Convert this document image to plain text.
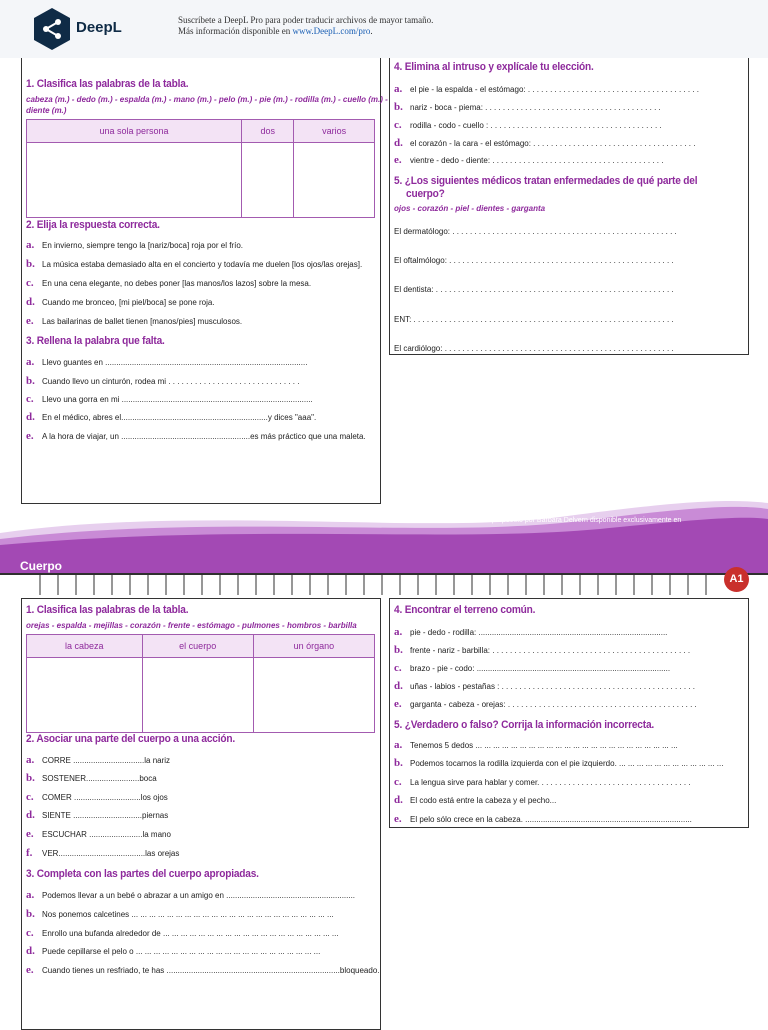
DeepL	Suscríbete a DeepL Pro para poder traducir archivos de mayor tamaño.
Más información disponible en www.DeepL.com/pro.
1. Clasifica las palabras de la tabla.
cabeza (m.) - dedo (m.) - espalda (m.) - mano (m.) - pelo (m.) - pie (m.) - rodilla (m.) - cuello (m.) -
diente (m.)
una sola persona	dos	varios

2. Elija la respuesta correcta.
a. En invierno, siempre tengo la [nariz/boca] roja por el frío.
b. La música estaba demasiado alta en el concierto y todavía me duelen [los ojos/las orejas].
c. En una cena elegante, no debes poner [las manos/los lazos] sobre la mesa.
d. Cuando me bronceo, [mi piel/boca] se pone roja.
e. Las bailarinas de ballet tienen [manos/pies] musculosos.
3. Rellena la palabra que falta.
a. Llevo guantes en ...........................................................................................
b. Cuando llevo un cinturón, rodea mi . . . . . . . . . . . . . . . . . . . . . . . . . . . . . .
c. Llevo una gorra en mi ......................................................................................
d. En el médico, abres el..................................................................y dices "aaa".
e. A la hora de viajar, un ..........................................................es más práctico que una maleta.
4. Elimina al intruso y explícale tu elección.
a. el pie - la espalda - el estómago: . . . . . . . . . . . . . . . . . . . . . . . . . . . . . . . . . . . . . . .
b. nariz - boca - piema: . . . . . . . . . . . . . . . . . . . . . . . . . . . . . . . . . . . . . . . .
c. rodilla - codo - cuello : . . . . . . . . . . . . . . . . . . . . . . . . . . . . . . . . . . . . . . .
d. el corazón - la cara - el estómago: . . . . . . . . . . . . . . . . . . . . . . . . . . . . . . . . . . . . .
e. vientre - dedo - diente: . . . . . . . . . . . . . . . . . . . . . . . . . . . . . . . . . . . . . . .
5. ¿Los siguientes médicos tratan enfermedades de qué parte del
cuerpo?
ojos - corazón - piel - dientes - garganta
El dermatólogo: . . . . . . . . . . . . . . . . . . . . . . . . . . . . . . . . . . . . . . . . . . . . . . . . . . .
El oftalmólogo: . . . . . . . . . . . . . . . . . . . . . . . . . . . . . . . . . . . . . . . . . . . . . . . . . . .
El dentista: . . . . . . . . . . . . . . . . . . . . . . . . . . . . . . . . . . . . . . . . . . . . . . . . . . . . . .
ENT: . . . . . . . . . . . . . . . . . . . . . . . . . . . . . . . . . . . . . . . . . . . . . . . . . . . . . . . . . . .
El cardiólogo: . . . . . . . . . . . . . . . . . . . . . . . . . . . . . . . . . . . . . . . . . . . . . . . . . . . .
... propuesto por Barbara Delvern disponible exclusivamente en
Cuerpo
2	A1
1. Clasifica las palabras de la tabla.
orejas - espalda - mejillas - corazón - frente - estómago - pulmones - hombros - barbilla
la cabeza	el cuerpo	un órgano

2. Asociar una parte del cuerpo a una acción.
a. CORRE ................................la nariz
b. SOSTENER........................boca
c. COMER ..............................los ojos
d. SIENTE ...............................piernas
e. ESCUCHAR ........................la mano
f. VER.......................................las orejas
3. Completa con las partes del cuerpo apropiadas.
a. Podemos llevar a un bebé o abrazar a un amigo en ..........................................................
b. Nos ponemos calcetines ... ... ... ... ... ... ... ... ... ... ... ... ... ... ... ... ... ... ... ... ... ... ...
c. Enrollo una bufanda alrededor de ... ... ... ... ... ... ... ... ... ... ... ... ... ... ... ... ... ... ... ...
d. Puede cepillarse el pelo o ... ... ... ... ... ... ... ... ... ... ... ... ... ... ... ... ... ... ... ... ...
e. Cuando tienes un resfriado, te has ..............................................................................bloqueado.
4. Encontrar el terreno común.
a. pie - dedo - rodilla: .....................................................................................
b. frente - nariz - barbilla: . . . . . . . . . . . . . . . . . . . . . . . . . . . . . . . . . . . . . . . . . . . . .
c. brazo - pie - codo: .......................................................................................
d. uñas - labios - pestañas : . . . . . . . . . . . . . . . . . . . . . . . . . . . . . . . . . . . . . . . . . . . .
e. garganta - cabeza - orejas: . . . . . . . . . . . . . . . . . . . . . . . . . . . . . . . . . . . . . . . . . . .
5. ¿Verdadero o falso? Corrija la información incorrecta.
a. Tenemos 5 dedos ... ... ... ... ... ... ... ... ... ... ... ... ... ... ... ... ... ... ... ... ... ... ...
b. Podemos tocarnos la rodilla izquierda con el pie izquierdo. ... ... ... ... ... ... ... ... ... ... ... ...
c. La lengua sirve para hablar y comer. . . . . . . . . . . . . . . . . . . . . . . . . . . . . . . . . . .
d. El codo está entre la cabeza y el pecho...
e. El pelo sólo crece en la cabeza. ...........................................................................
